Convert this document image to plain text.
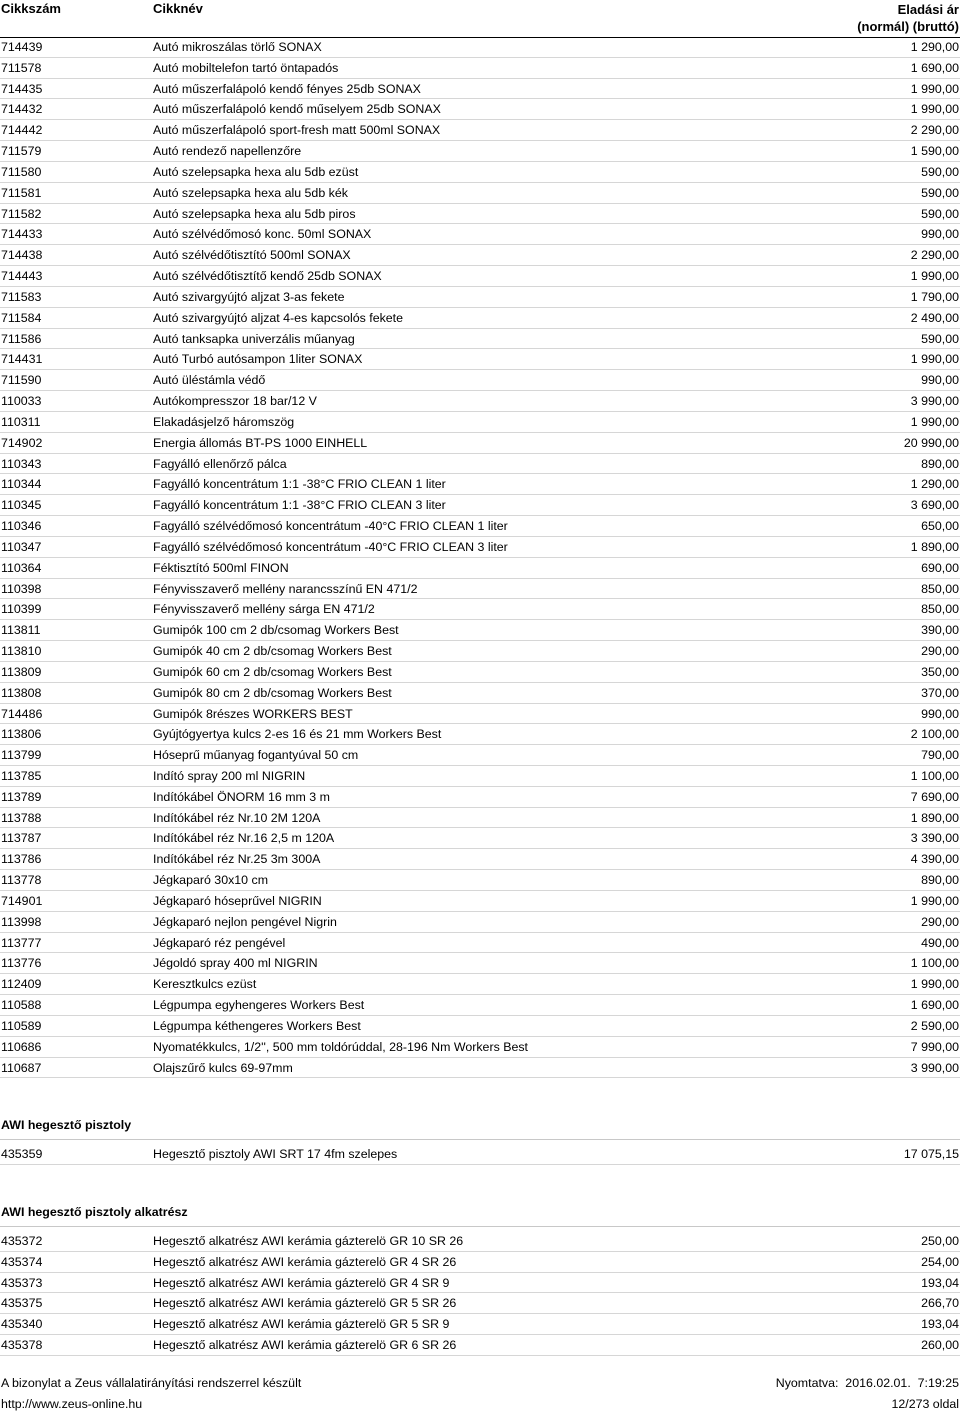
Cikkszám	Cikknév	Eladási ár
(normál) (bruttó)
714439	Autó mikroszálas törlő SONAX	1 290,00
711578	Autó mobiltelefon tartó öntapadós	1 690,00
714435	Autó műszerfalápoló kendő fényes 25db SONAX	1 990,00
714432	Autó műszerfalápoló kendő műselyem 25db SONAX	1 990,00
714442	Autó műszerfalápoló sport-fresh matt 500ml SONAX	2 290,00
711579	Autó rendező napellenzőre	1 590,00
711580	Autó szelepsapka hexa alu 5db ezüst	590,00
711581	Autó szelepsapka hexa alu 5db kék	590,00
711582	Autó szelepsapka hexa alu 5db piros	590,00
714433	Autó szélvédőmosó konc. 50ml SONAX	990,00
714438	Autó szélvédőtisztító 500ml SONAX	2 290,00
714443	Autó szélvédőtisztítő kendő 25db SONAX	1 990,00
711583	Autó szivargyújtó aljzat 3-as fekete	1 790,00
711584	Autó szivargyújtó aljzat 4-es kapcsolós fekete	2 490,00
711586	Autó tanksapka univerzális műanyag	590,00
714431	Autó Turbó autósampon 1liter SONAX	1 990,00
711590	Autó üléstámla védő	990,00
110033	Autókompresszor 18 bar/12 V	3 990,00
110311	Elakadásjelző háromszög	1 990,00
714902	Energia állomás BT-PS 1000 EINHELL	20 990,00
110343	Fagyálló ellenőrző pálca	890,00
110344	Fagyálló koncentrátum 1:1 -38°C FRIO CLEAN 1 liter	1 290,00
110345	Fagyálló koncentrátum 1:1 -38°C FRIO CLEAN 3 liter	3 690,00
110346	Fagyálló szélvédőmosó koncentrátum -40°C FRIO CLEAN 1 liter	650,00
110347	Fagyálló szélvédőmosó koncentrátum -40°C FRIO CLEAN 3 liter	1 890,00
110364	Féktisztító 500ml FINON	690,00
110398	Fényvisszaverő mellény narancsszínű EN 471/2	850,00
110399	Fényvisszaverő mellény sárga EN 471/2	850,00
113811	Gumipók 100 cm 2 db/csomag Workers Best	390,00
113810	Gumipók 40 cm 2 db/csomag Workers Best	290,00
113809	Gumipók 60 cm 2 db/csomag Workers Best	350,00
113808	Gumipók 80 cm 2 db/csomag Workers Best	370,00
714486	Gumipók 8részes WORKERS BEST	990,00
113806	Gyújtógyertya kulcs 2-es 16 és 21 mm Workers Best	2 100,00
113799	Hóseprű műanyag fogantyúval 50 cm	790,00
113785	Indító spray 200 ml NIGRIN	1 100,00
113789	Indítókábel ÖNORM 16 mm 3 m	7 690,00
113788	Indítókábel réz Nr.10 2M 120A	1 890,00
113787	Indítókábel réz Nr.16 2,5 m 120A	3 390,00
113786	Indítókábel réz Nr.25 3m 300A	4 390,00
113778	Jégkaparó 30x10 cm	890,00
714901	Jégkaparó hóseprűvel NIGRIN	1 990,00
113998	Jégkaparó nejlon pengével Nigrin	290,00
113777	Jégkaparó réz pengével	490,00
113776	Jégoldó spray 400 ml NIGRIN	1 100,00
112409	Keresztkulcs ezüst	1 990,00
110588	Légpumpa egyhengeres Workers Best	1 690,00
110589	Légpumpa kéthengeres Workers Best	2 590,00
110686	Nyomatékkulcs, 1/2'', 500 mm toldórúddal, 28-196 Nm Workers Best	7 990,00
110687	Olajszűrő kulcs 69-97mm	3 990,00
AWI hegesztő pisztoly
435359	Hegesztő pisztoly AWI SRT 17 4fm szelepes	17 075,15
AWI hegesztő pisztoly alkatrész
435372	Hegesztő alkatrész AWI kerámia gázterelö GR 10 SR 26	250,00
435374	Hegesztő alkatrész AWI kerámia gázterelö GR 4 SR 26	254,00
435373	Hegesztő alkatrész AWI kerámia gázterelö GR 4 SR 9	193,04
435375	Hegesztő alkatrész AWI kerámia gázterelö GR 5 SR 26	266,70
435340	Hegesztő alkatrész AWI kerámia gázterelö GR 5 SR 9	193,04
435378	Hegesztő alkatrész AWI kerámia gázterelö GR 6 SR 26	260,00
A bizonylat a Zeus vállalatirányítási rendszerrel készült	Nyomtatva:  2016.02.01.  7:19:25
http://www.zeus-online.hu	12/273 oldal
